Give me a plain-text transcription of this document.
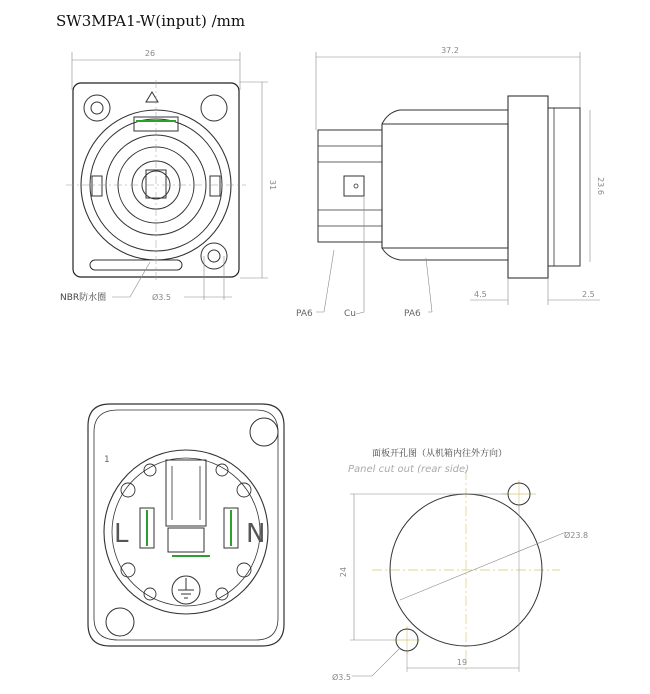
SW3MPA1-W(input) /mm
26
31
NBR防水圈	Ø3.5
37.2
23.6
4.5	2.5
PA6	Cu	PA6
1
L	N
面板开孔图（从机箱内往外方向）
Panel cut out (rear side)
24
19
Ø23.8
Ø3.5
